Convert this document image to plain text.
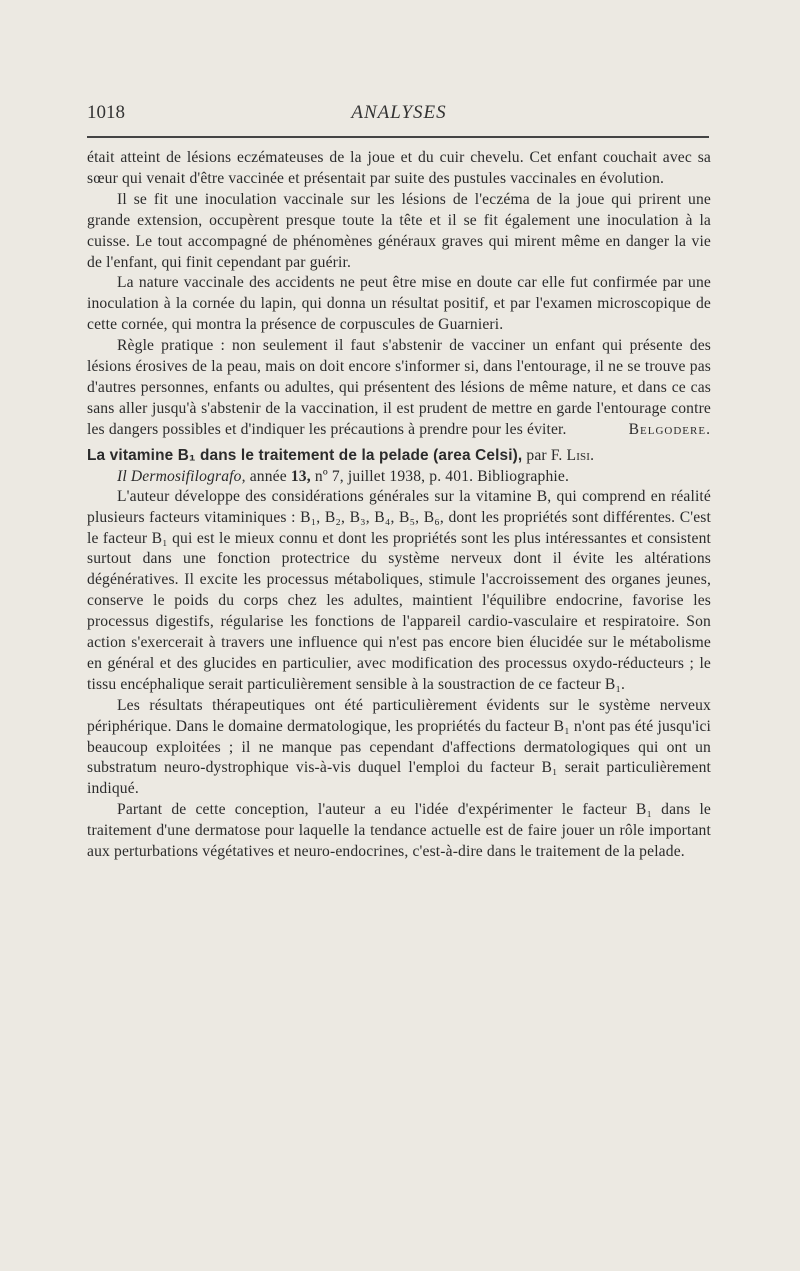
1018	ANALYSES

était atteint de lésions eczémateuses de la joue et du cuir chevelu. Cet enfant couchait avec sa sœur qui venait d'être vaccinée et présentait par suite des pustules vaccinales en évolution.

Il se fit une inoculation vaccinale sur les lésions de l'eczéma de la joue qui prirent une grande extension, occupèrent presque toute la tête et il se fit également une inoculation à la cuisse. Le tout accompagné de phénomènes généraux graves qui mirent même en danger la vie de l'enfant, qui finit cependant par guérir.

La nature vaccinale des accidents ne peut être mise en doute car elle fut confirmée par une inoculation à la cornée du lapin, qui donna un résultat positif, et par l'examen microscopique de cette cornée, qui montra la présence de corpuscules de Guarnieri.

Règle pratique : non seulement il faut s'abstenir de vacciner un enfant qui présente des lésions érosives de la peau, mais on doit encore s'informer si, dans l'entourage, il ne se trouve pas d'autres personnes, enfants ou adultes, qui présentent des lésions de même nature, et dans ce cas sans aller jusqu'à s'abstenir de la vaccination, il est prudent de mettre en garde l'entourage contre les dangers possibles et d'indiquer les précautions à prendre pour les éviter.	Belgodere.

La vitamine B₁ dans le traitement de la pelade (area Celsi), par F. Lisi.
Il Dermosifilografo, année 13, nº 7, juillet 1938, p. 401. Bibliographie.

L'auteur développe des considérations générales sur la vitamine B, qui comprend en réalité plusieurs facteurs vitaminiques : B₁, B₂, B₃, B₄, B₅, B₆, dont les propriétés sont différentes. C'est le facteur B₁ qui est le mieux connu et dont les propriétés sont les plus intéressantes et consistent surtout dans une fonction protectrice du système nerveux dont il évite les altérations dégénératives. Il excite les processus métaboliques, stimule l'accroissement des organes jeunes, conserve le poids du corps chez les adultes, maintient l'équilibre endocrine, favorise les processus digestifs, régularise les fonctions de l'appareil cardio-vasculaire et respiratoire. Son action s'exercerait à travers une influence qui n'est pas encore bien élucidée sur le métabolisme en général et des glucides en particulier, avec modification des processus oxydo-réducteurs ; le tissu encéphalique serait particulièrement sensible à la soustraction de ce facteur B₁.

Les résultats thérapeutiques ont été particulièrement évidents sur le système nerveux périphérique. Dans le domaine dermatologique, les propriétés du facteur B₁ n'ont pas été jusqu'ici beaucoup exploitées ; il ne manque pas cependant d'affections dermatologiques qui ont un substratum neuro-dystrophique vis-à-vis duquel l'emploi du facteur B₁ serait particulièrement indiqué.

Partant de cette conception, l'auteur a eu l'idée d'expérimenter le facteur B₁ dans le traitement d'une dermatose pour laquelle la tendance actuelle est de faire jouer un rôle important aux perturbations végétatives et neuro-endocrines, c'est-à-dire dans le traitement de la pelade.
